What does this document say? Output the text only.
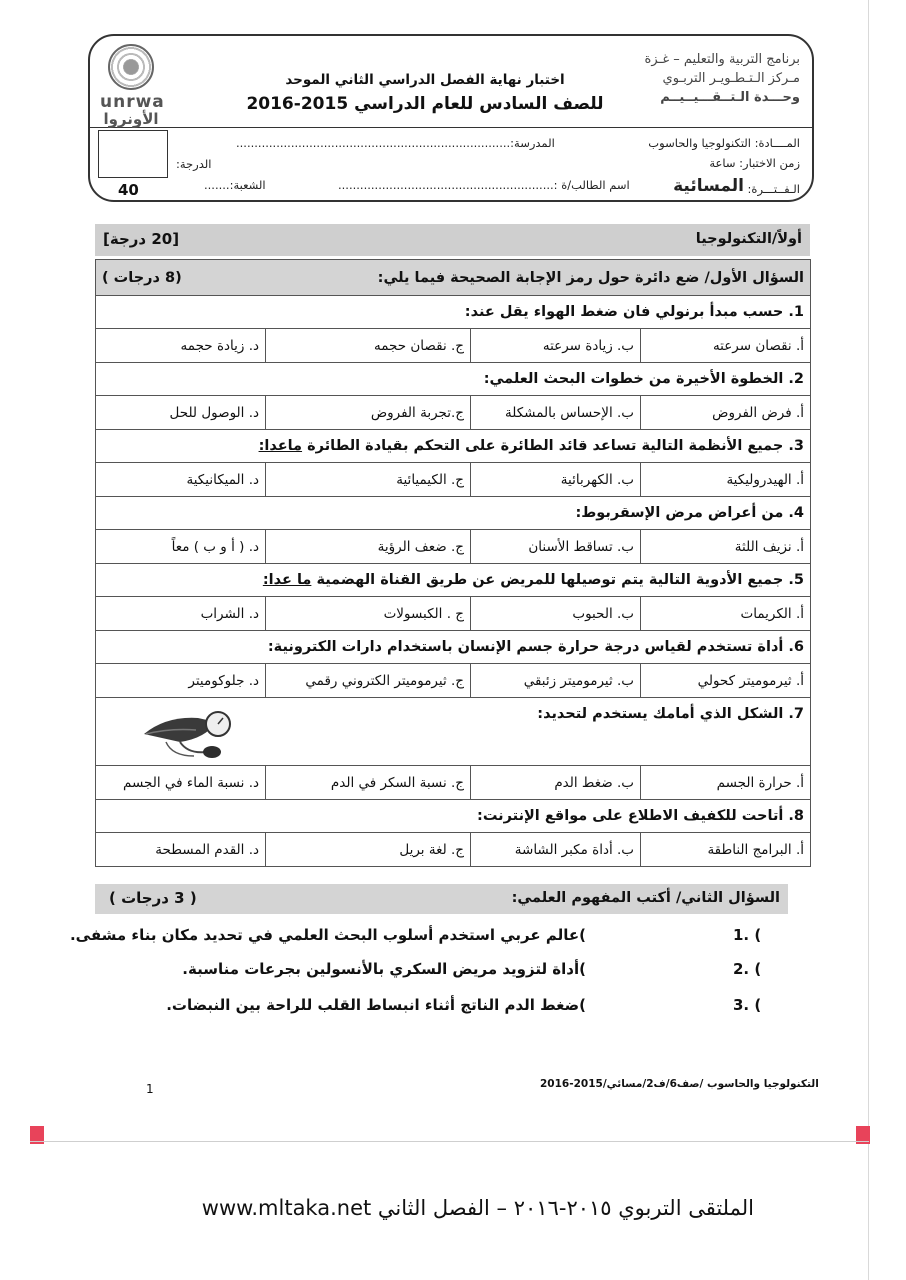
unrwa
الأونروا
برنامج التربية والتعليم – غـزة
مـركز الـتـطـويـر التربـوي
وحـــدة الـتــقـــيــيــم
اختبار نهاية الفصل الدراسي الثاني الموحد
للصف السادس للعام الدراسي 2015-2016
المــــادة: التكنولوجيا والحاسوب
المدرسة:...........................................................................
زمن الاختبار: ساعة
الدرجة:
الـفــتـــرة:
المسائية
اسم الطالب/ة :...........................................................
الشعبة:.......
40
أولاً/التكنولوجيا
[20 درجة]
السؤال الأول/ ضع دائرة حول رمز الإجابة الصحيحة فيما يلي:
(8 درجات )			

1. حسب مبدأ برنولي فان ضغط الهواء يقل عند:			
أ. نقصان سرعته	ب. زيادة سرعته	ج. نقصان حجمه	د. زيادة حجمه
2. الخطوة الأخيرة من خطوات البحث العلمي:			
أ. فرض الفروض	ب. الإحساس بالمشكلة	ج.تجربة الفروض	د. الوصول للحل
3. جميع الأنظمة التالية تساعد قائد الطائرة على التحكم بقيادة الطائرة ماعدا:			
أ. الهيدروليكية	ب. الكهربائية	ج. الكيميائية	د. الميكانيكية
4. من أعراض مرض الإسقربوط:			
أ. نزيف اللثة	ب. تساقط الأسنان	ج. ضعف الرؤية	د. ( أ و ب ) معاً
5. جميع الأدوية التالية يتم توصيلها للمريض عن طريق القناة الهضمية ما عدا:			
أ. الكريمات	ب. الحبوب	ج . الكبسولات	د. الشراب
6. أداة تستخدم لقياس درجة حرارة جسم الإنسان باستخدام دارات الكترونية:			
أ. ثيرموميتر كحولي	ب. ثيرموميتر زئبقي	ج. ثيرموميتر الكتروني رقمي	د. جلوكوميتر
7. الشكل الذي أمامك يستخدم لتحديد:			

أ. حرارة الجسم	ب. ضغط الدم	ج. نسبة السكر في الدم	د. نسبة الماء في الجسم
8. أتاحت للكفيف الاطلاع على مواقع الإنترنت:			
أ. البرامج الناطقة	ب. أداة مكبر الشاشة	ج. لغة بريل	د. القدم المسطحة
السؤال الثاني/ أكتب المفهوم العلمي:
( 3 درجات )
1. (
)عالم عربي استخدم أسلوب البحث العلمي في تحديد مكان بناء مشفى.
2. (
)أداة لتزويد مريض السكري بالأنسولين بجرعات مناسبة.
3. (
)ضغط الدم الناتج أثناء انبساط القلب للراحة بين النبضات.
التكنولوجيا والحاسوب /صف6/ف2/مسائي/2015-2016
1
الملتقى التربوي ٢٠١٥-٢٠١٦ – الفصل الثاني www.mltaka.net
